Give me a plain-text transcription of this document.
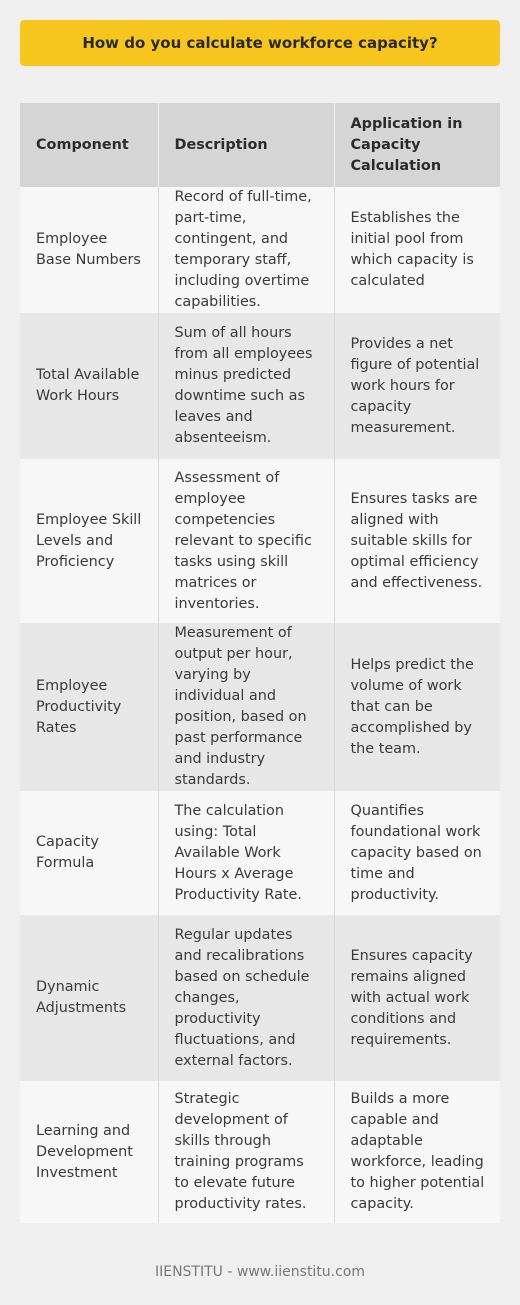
How do you calculate workforce capacity?
Component	Description	Application in Capacity Calculation
Employee Base Numbers	Record of full-time, part-time, contingent, and temporary staff, including overtime capabilities.	Establishes the initial pool from which capacity is calculated
Total Available Work Hours	Sum of all hours from all employees minus predicted downtime such as leaves and absenteeism.	Provides a net figure of potential work hours for capacity measurement.
Employee Skill Levels and Proficiency	Assessment of employee competencies relevant to specific tasks using skill matrices or inventories.	Ensures tasks are aligned with suitable skills for optimal efficiency and effectiveness.
Employee Productivity Rates	Measurement of output per hour, varying by individual and position, based on past performance and industry standards.	Helps predict the volume of work that can be accomplished by the team.
Capacity Formula	The calculation using: Total Available Work Hours x Average Productivity Rate.	Quantifies foundational work capacity based on time and productivity.
Dynamic Adjustments	Regular updates and recalibrations based on schedule changes, productivity fluctuations, and external factors.	Ensures capacity remains aligned with actual work conditions and requirements.
Learning and Development Investment	Strategic development of skills through training programs to elevate future productivity rates.	Builds a more capable and adaptable workforce, leading to higher potential capacity.
IIENSTITU - www.iienstitu.com
